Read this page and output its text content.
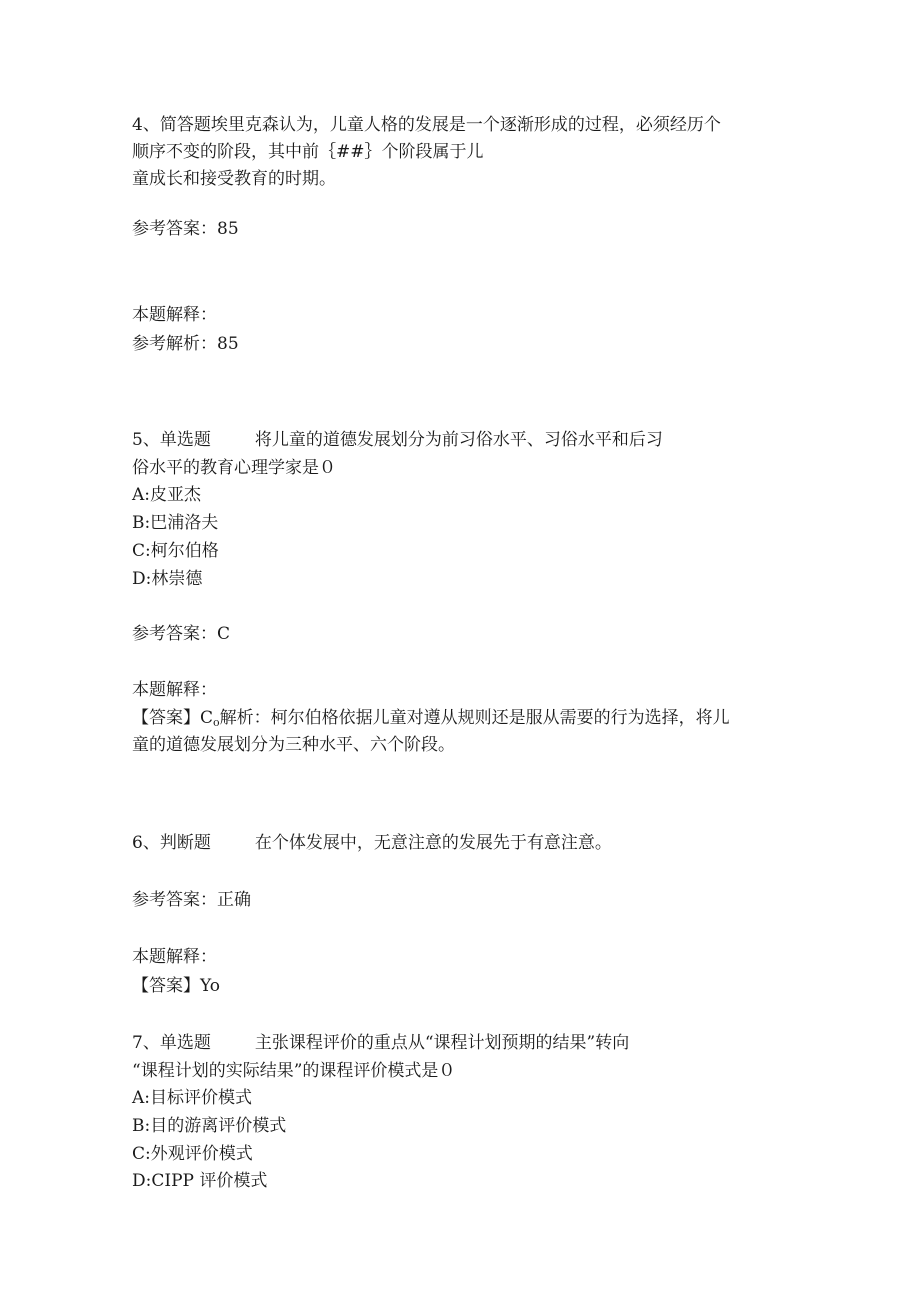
4、简答题埃里克森认为，儿童人格的发展是一个逐渐形成的过程，必须经历个
顺序不变的阶段，其中前｛##｝个阶段属于儿
童成长和接受教育的时期。
参考答案：85
本题解释：
参考解析：85
5、单选题	将儿童的道德发展划分为前习俗水平、习俗水平和后习
俗水平的教育心理学家是０
A:皮亚杰
B:巴浦洛夫
C:柯尔伯格
D:林崇德
参考答案：C
本题解释：
【答案】$C_o$解析：柯尔伯格依据儿童对遵从规则还是服从需要的行为选择，将儿
童的道德发展划分为三种水平、六个阶段。
6、判断题	在个体发展中，无意注意的发展先于有意注意。
参考答案：正确
本题解释：
【答案】Yo
7、单选题	主张课程评价的重点从“课程计划预期的结果”转向
“课程计划的实际结果”的课程评价模式是０
A:目标评价模式
B:目的游离评价模式
C:外观评价模式
D:CIPP 评价模式
